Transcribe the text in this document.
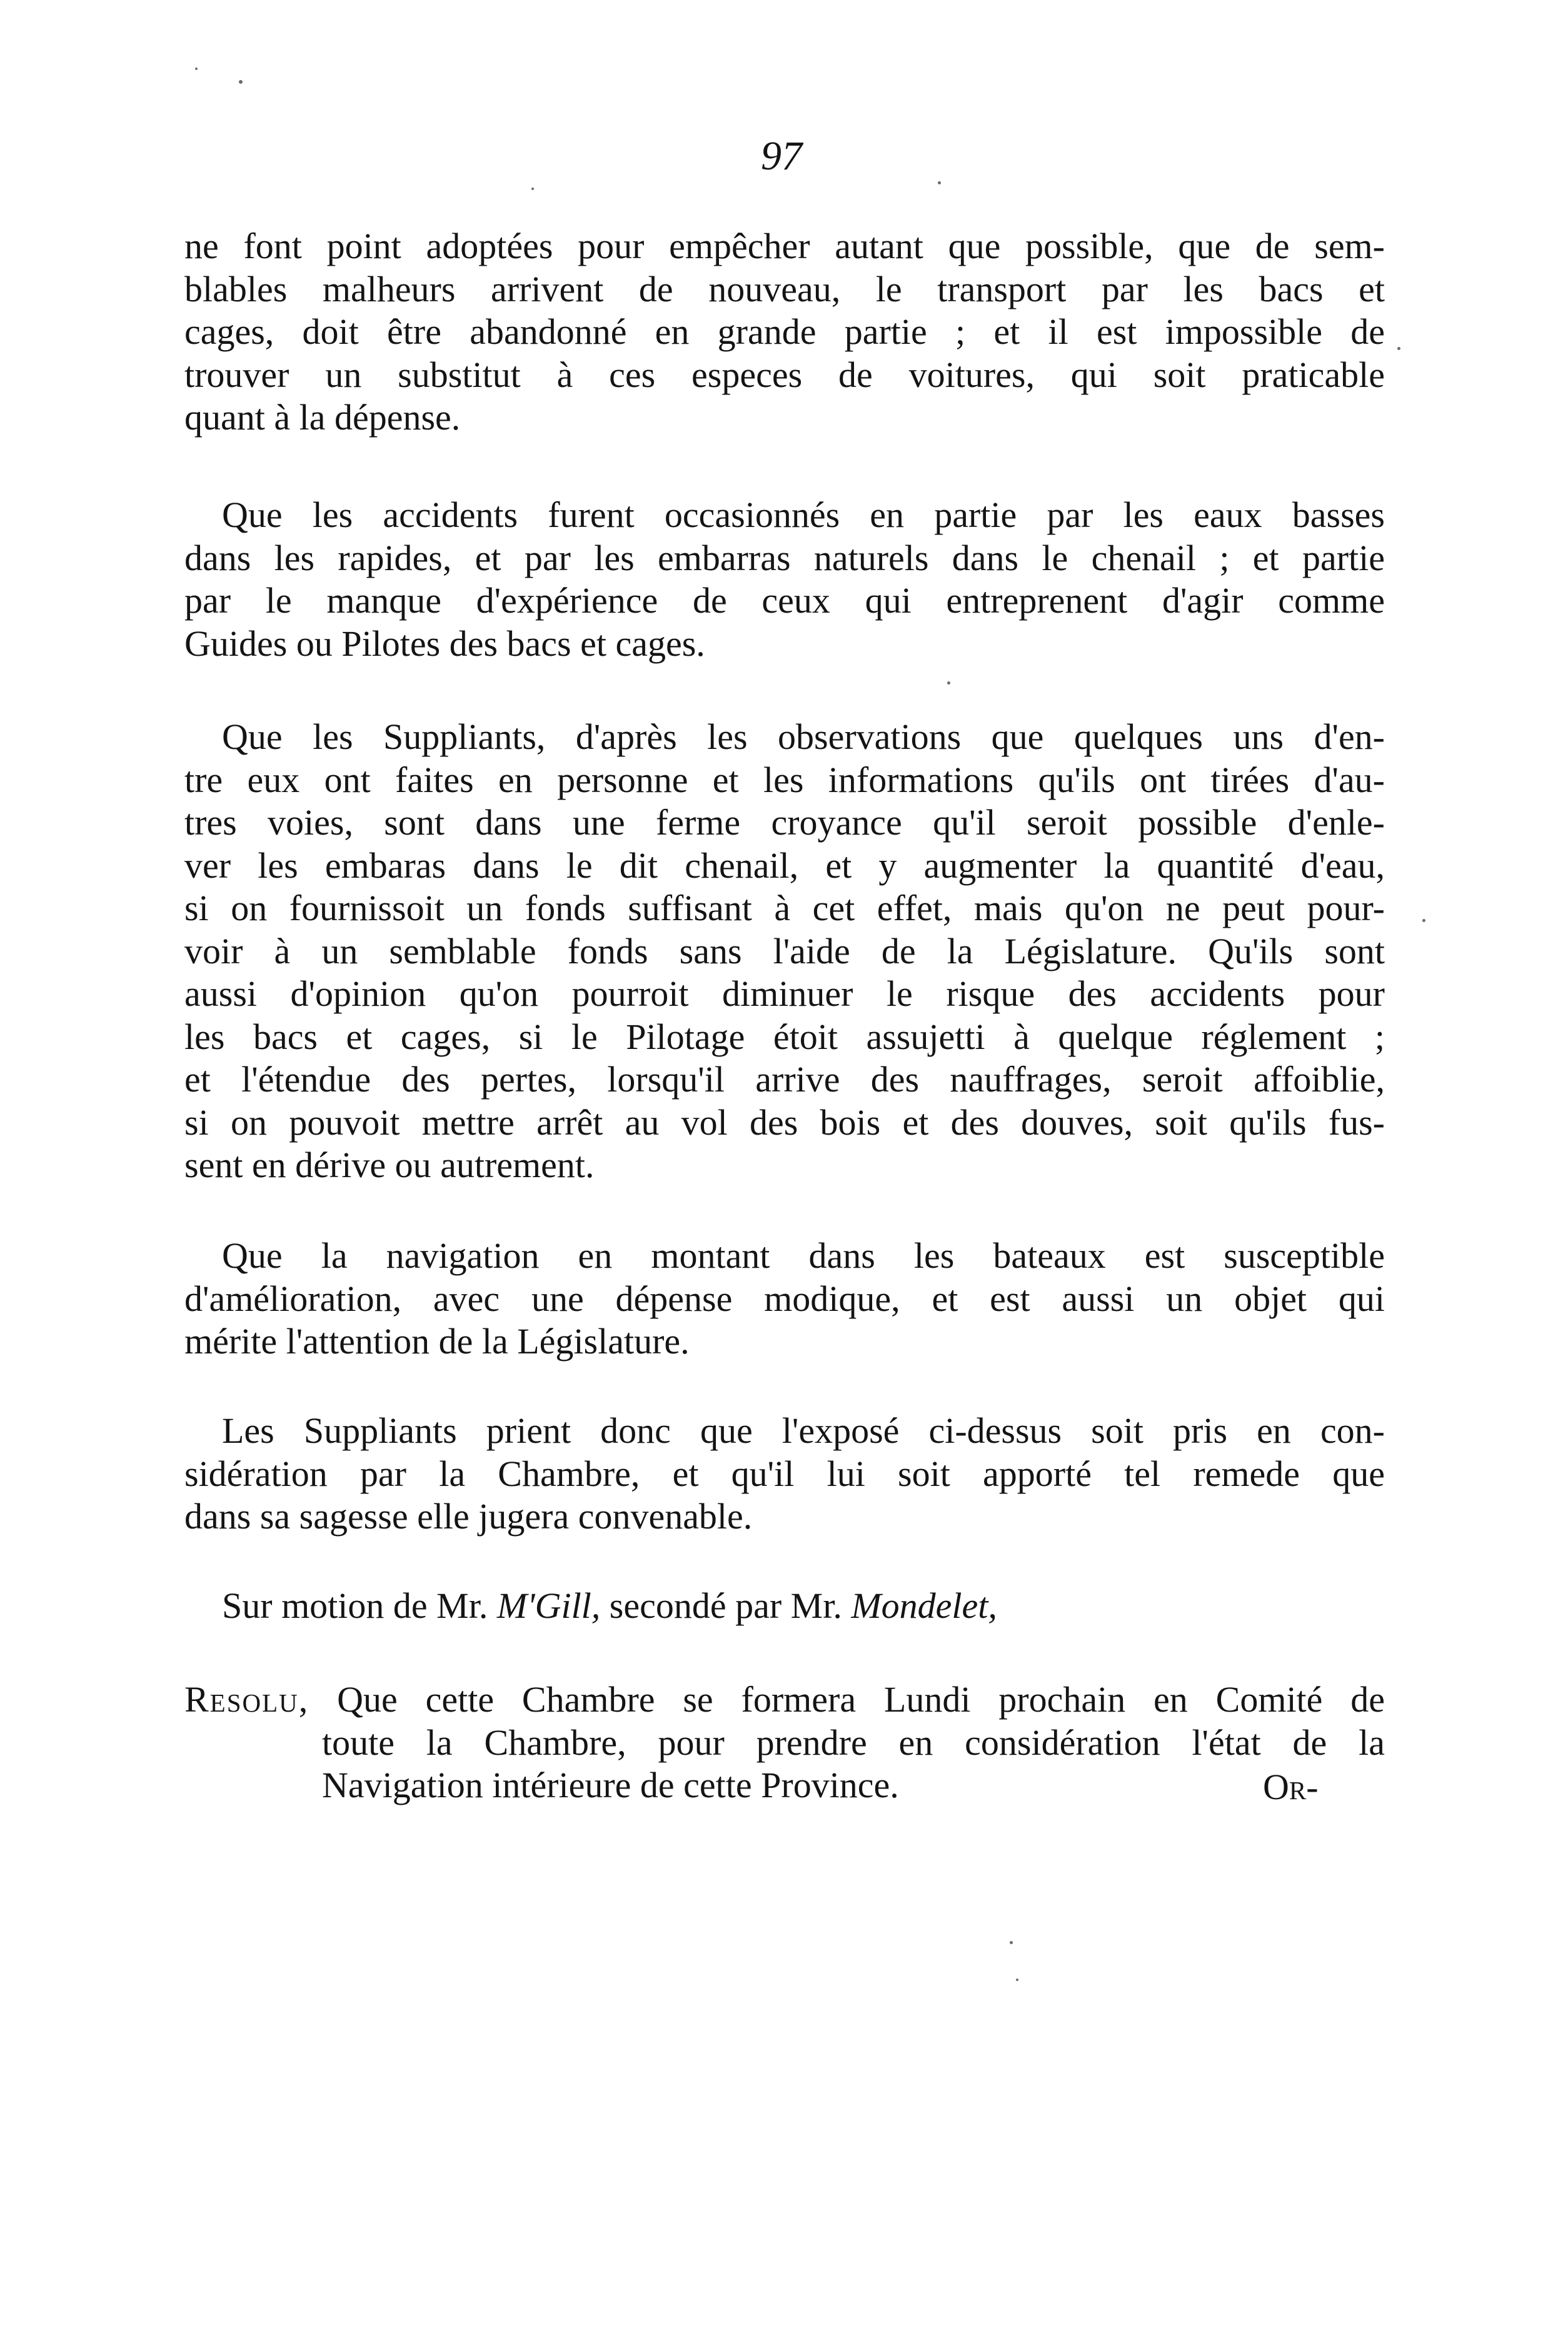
97
ne font point adoptées pour empêcher autant que possible, que de sem-
blables malheurs arrivent de nouveau, le transport par les bacs et
cages, doit être abandonné en grande partie ; et il est impossible de
trouver un substitut à ces especes de voitures, qui soit praticable
quant à la dépense.
Que les accidents furent occasionnés en partie par les eaux basses
dans les rapides, et par les embarras naturels dans le chenail ; et partie
par le manque d'expérience de ceux qui entreprenent d'agir comme
Guides ou Pilotes des bacs et cages.
Que les Suppliants, d'après les observations que quelques uns d'en-
tre eux ont faites en personne et les informations qu'ils ont tirées d'au-
tres voies, sont dans une ferme croyance qu'il seroit possible d'enle-
ver les embaras dans le dit chenail, et y augmenter la quantité d'eau,
si on fournissoit un fonds suffisant à cet effet, mais qu'on ne peut pour-
voir à un semblable fonds sans l'aide de la Législature. Qu'ils sont
aussi d'opinion qu'on pourroit diminuer le risque des accidents pour
les bacs et cages, si le Pilotage étoit assujetti à quelque réglement ;
et l'étendue des pertes, lorsqu'il arrive des nauffrages, seroit affoiblie,
si on pouvoit mettre arrêt au vol des bois et des douves, soit qu'ils fus-
sent en dérive ou autrement.
Que la navigation en montant dans les bateaux est susceptible
d'amélioration, avec une dépense modique, et est aussi un objet qui
mérite l'attention de la Législature.
Les Suppliants prient donc que l'exposé ci-dessus soit pris en con-
sidération par la Chambre, et qu'il lui soit apporté tel remede que
dans sa sagesse elle jugera convenable.
Sur motion de Mr. M'Gill, secondé par Mr. Mondelet,
Resolu, Que cette Chambre se formera Lundi prochain en Comité de
toute la Chambre, pour prendre en considération l'état de la
Navigation intérieure de cette Province.	Or-
